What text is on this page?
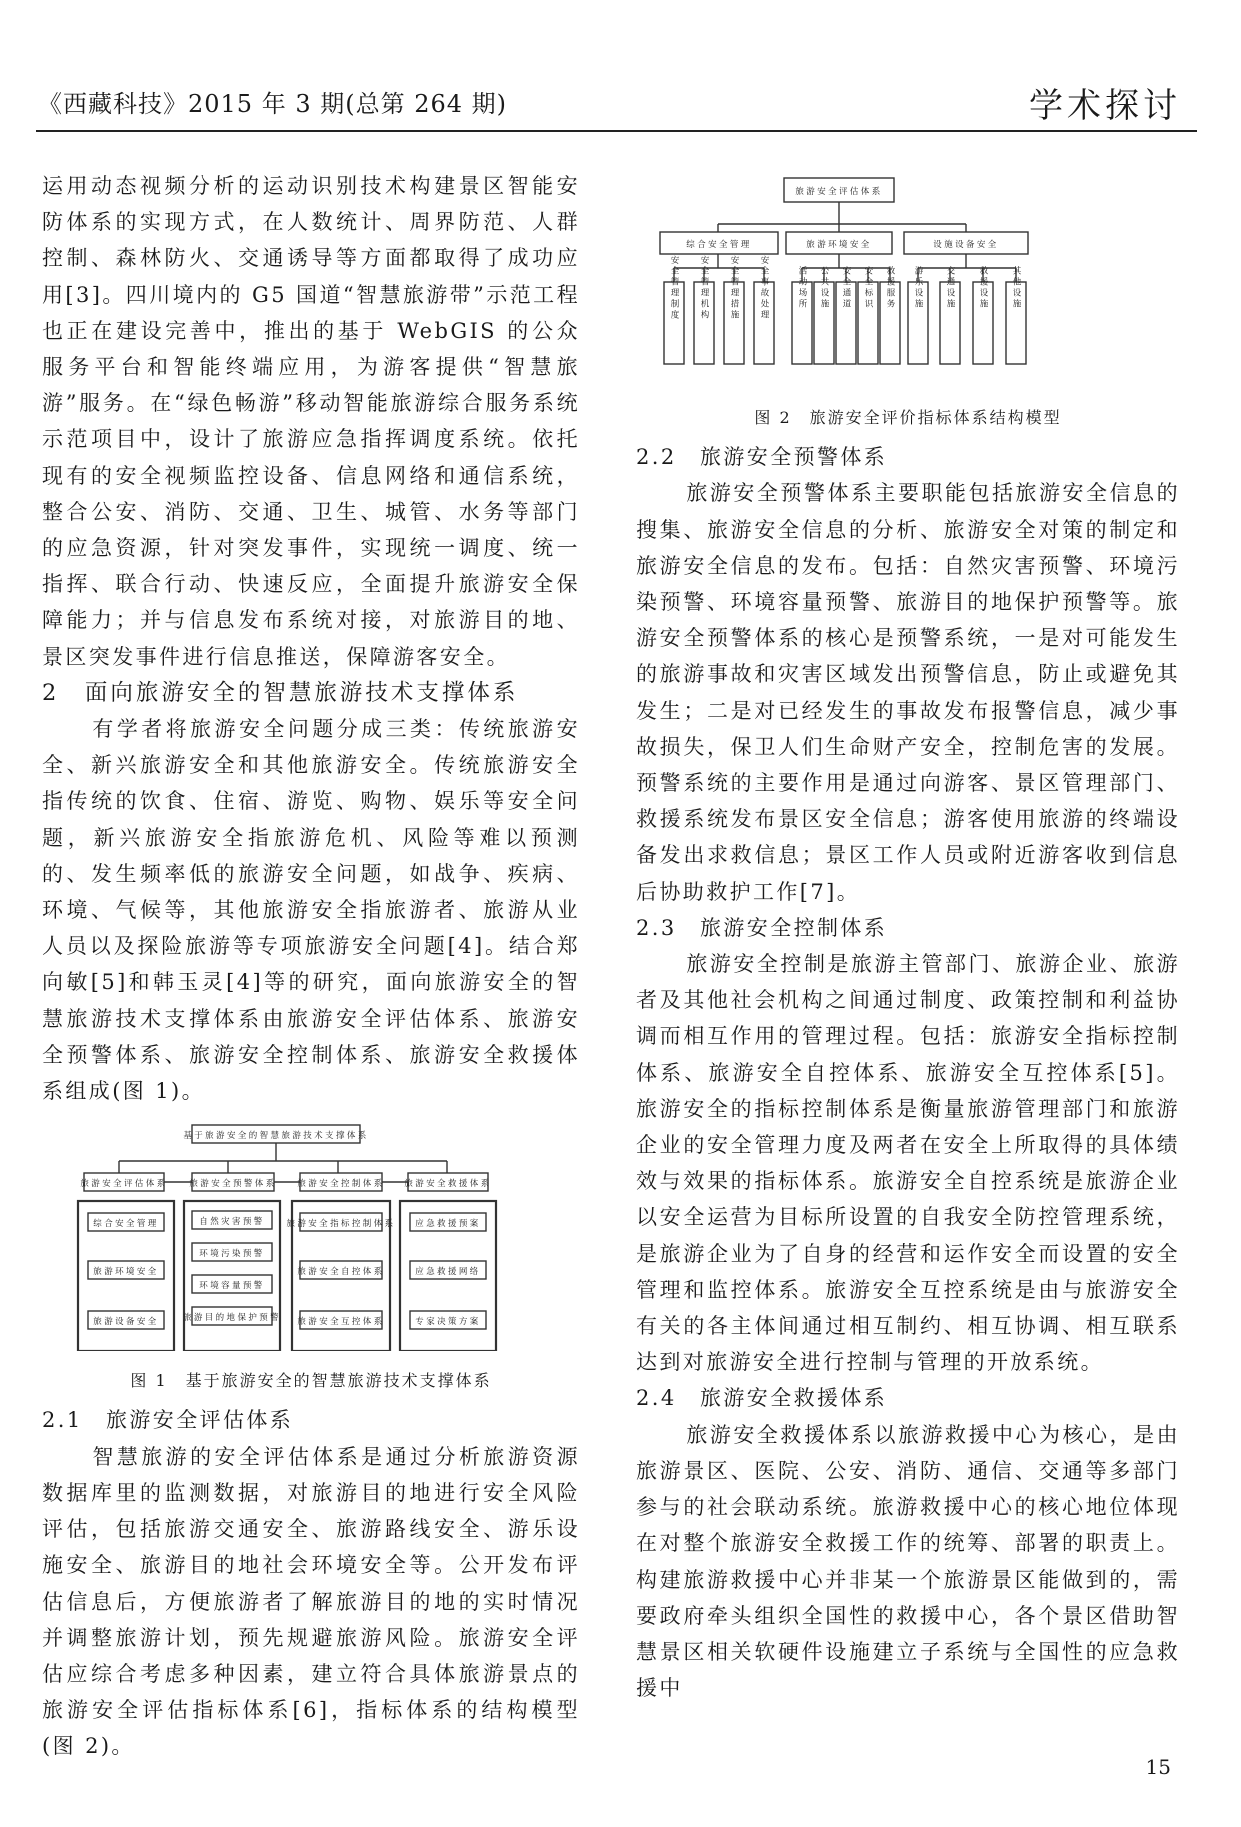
《西藏科技》2015 年 3 期(总第 264 期)	学术探讨

运用动态视频分析的运动识别技术构建景区智能安防体系的实现方式，在人数统计、周界防范、人群控制、森林防火、交通诱导等方面都取得了成功应用[3]。四川境内的 G5 国道“智慧旅游带”示范工程也正在建设完善中，推出的基于 WebGIS 的公众服务平台和智能终端应用，为游客提供“智慧旅游”服务。在“绿色畅游”移动智能旅游综合服务系统示范项目中，设计了旅游应急指挥调度系统。依托现有的安全视频监控设备、信息网络和通信系统，整合公安、消防、交通、卫生、城管、水务等部门的应急资源，针对突发事件，实现统一调度、统一指挥、联合行动、快速反应，全面提升旅游安全保障能力；并与信息发布系统对接，对旅游目的地、景区突发事件进行信息推送，保障游客安全。

2　面向旅游安全的智慧旅游技术支撑体系

有学者将旅游安全问题分成三类：传统旅游安全、新兴旅游安全和其他旅游安全。传统旅游安全指传统的饮食、住宿、游览、购物、娱乐等安全问题，新兴旅游安全指旅游危机、风险等难以预测的、发生频率低的旅游安全问题，如战争、疾病、环境、气候等，其他旅游安全指旅游者、旅游从业人员以及探险旅游等专项旅游安全问题[4]。结合郑向敏[5]和韩玉灵[4]等的研究，面向旅游安全的智慧旅游技术支撑体系由旅游安全评估体系、旅游安全预警体系、旅游安全控制体系、旅游安全救援体系组成(图 1)。

基于旅游安全的智慧旅游技术支撑体系
旅游安全评估体系	旅游安全预警体系 旅游安全控制体系 旅游安全救援体系
综合安全管理
旅游环境安全
旅游设备安全
自然灾害预警
环境污染预警
环境容量预警
旅游目的地保护预警
旅游安全指标控制体系
旅游安全自控体系
旅游安全互控体系
应急救援预案
应急救援网络
专家决策方案
图 1　基于旅游安全的智慧旅游技术支撑体系

2.1　旅游安全评估体系

智慧旅游的安全评估体系是通过分析旅游资源数据库里的监测数据，对旅游目的地进行安全风险评估，包括旅游交通安全、旅游路线安全、游乐设施安全、旅游目的地社会环境安全等。公开发布评估信息后，方便旅游者了解旅游目的地的实时情况并调整旅游计划，预先规避旅游风险。旅游安全评估应综合考虑多种因素，建立符合具体旅游景点的旅游安全评估指标体系[6]，指标体系的结构模型(图 2)。

旅游安全评估体系
综合安全管理	旅游环境安全	设施设备安全
安全管理制度 安全管理机构 安全管理措施 安全事故处理	活动场所 公共设施 安全通道 安全标识 救援服务 游乐设施	交通设施	救援设施	其他设施
图 2　旅游安全评价指标体系结构模型

2.2　旅游安全预警体系

旅游安全预警体系主要职能包括旅游安全信息的搜集、旅游安全信息的分析、旅游安全对策的制定和旅游安全信息的发布。包括：自然灾害预警、环境污染预警、环境容量预警、旅游目的地保护预警等。旅游安全预警体系的核心是预警系统，一是对可能发生的旅游事故和灾害区域发出预警信息，防止或避免其发生；二是对已经发生的事故发布报警信息，减少事故损失，保卫人们生命财产安全，控制危害的发展。预警系统的主要作用是通过向游客、景区管理部门、救援系统发布景区安全信息；游客使用旅游的终端设备发出求救信息；景区工作人员或附近游客收到信息后协助救护工作[7]。

2.3　旅游安全控制体系

旅游安全控制是旅游主管部门、旅游企业、旅游者及其他社会机构之间通过制度、政策控制和利益协调而相互作用的管理过程。包括：旅游安全指标控制体系、旅游安全自控体系、旅游安全互控体系[5]。旅游安全的指标控制体系是衡量旅游管理部门和旅游企业的安全管理力度及两者在安全上所取得的具体绩效与效果的指标体系。旅游安全自控系统是旅游企业以安全运营为目标所设置的自我安全防控管理系统，是旅游企业为了自身的经营和运作安全而设置的安全管理和监控体系。旅游安全互控系统是由与旅游安全有关的各主体间通过相互制约、相互协调、相互联系达到对旅游安全进行控制与管理的开放系统。

2.4　旅游安全救援体系

旅游安全救援体系以旅游救援中心为核心，是由旅游景区、医院、公安、消防、通信、交通等多部门参与的社会联动系统。旅游救援中心的核心地位体现在对整个旅游安全救援工作的统筹、部署的职责上。构建旅游救援中心并非某一个旅游景区能做到的，需要政府牵头组织全国性的救援中心，各个景区借助智慧景区相关软硬件设施建立子系统与全国性的应急救援中

15
